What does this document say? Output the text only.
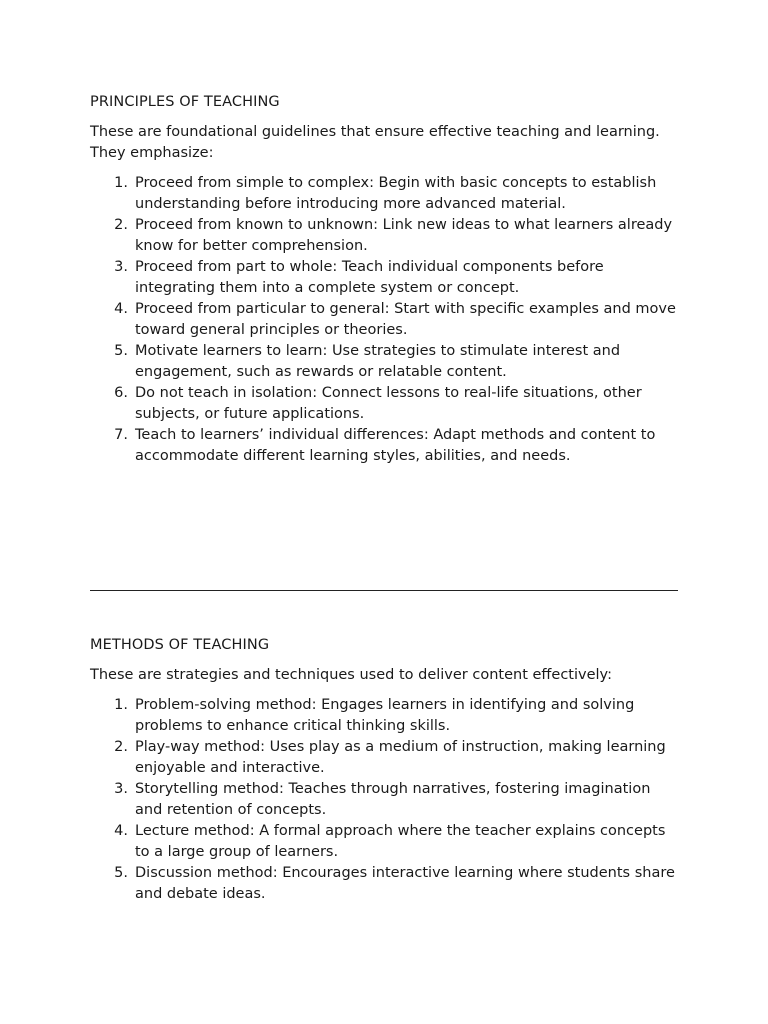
PRINCIPLES OF TEACHING
These are foundational guidelines that ensure effective teaching and learning. They emphasize:
1. Proceed from simple to complex: Begin with basic concepts to establish understanding before introducing more advanced material.
2. Proceed from known to unknown: Link new ideas to what learners already know for better comprehension.
3. Proceed from part to whole: Teach individual components before integrating them into a complete system or concept.
4. Proceed from particular to general: Start with specific examples and move toward general principles or theories.
5. Motivate learners to learn: Use strategies to stimulate interest and engagement, such as rewards or relatable content.
6. Do not teach in isolation: Connect lessons to real-life situations, other subjects, or future applications.
7. Teach to learners’ individual differences: Adapt methods and content to accommodate different learning styles, abilities, and needs.
METHODS OF TEACHING
These are strategies and techniques used to deliver content effectively:
1. Problem-solving method: Engages learners in identifying and solving problems to enhance critical thinking skills.
2. Play-way method: Uses play as a medium of instruction, making learning enjoyable and interactive.
3. Storytelling method: Teaches through narratives, fostering imagination and retention of concepts.
4. Lecture method: A formal approach where the teacher explains concepts to a large group of learners.
5. Discussion method: Encourages interactive learning where students share and debate ideas.
